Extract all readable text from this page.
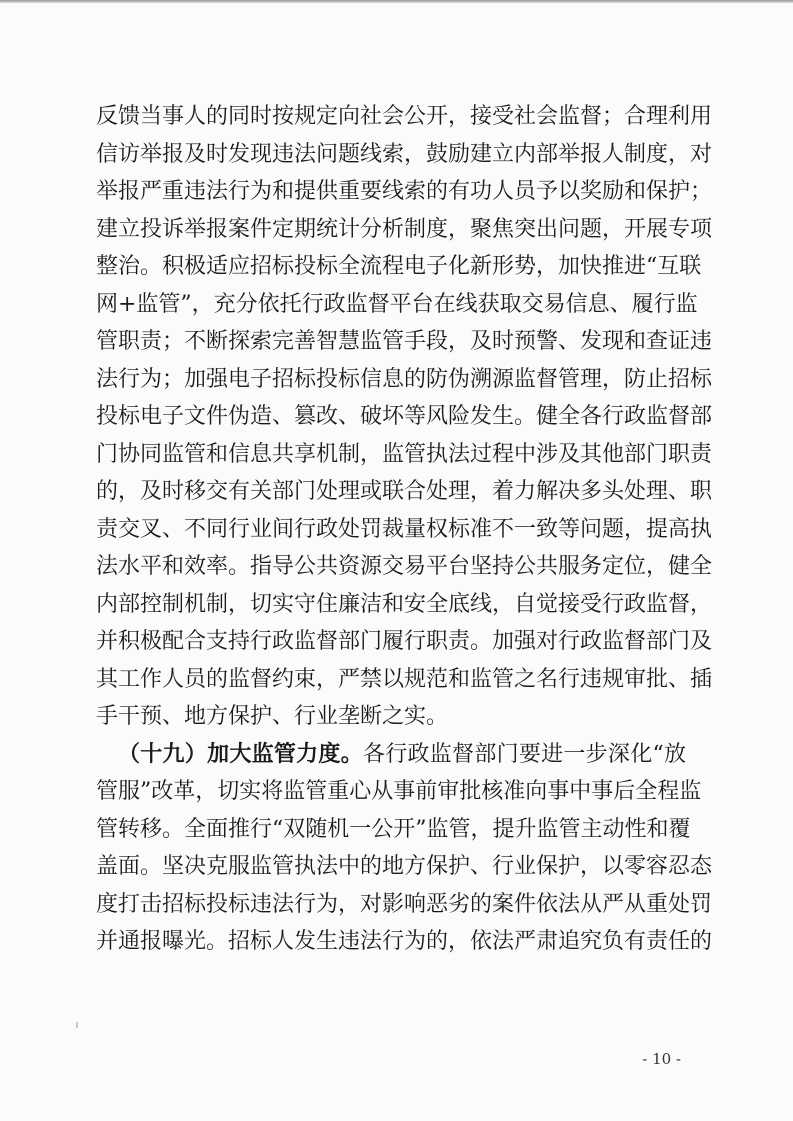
反馈当事人的同时按规定向社会公开，接受社会监督；合理利用

信访举报及时发现违法问题线索，鼓励建立内部举报人制度，对

举报严重违法行为和提供重要线索的有功人员予以奖励和保护；

建立投诉举报案件定期统计分析制度，聚焦突出问题，开展专项

整治。积极适应招标投标全流程电子化新形势，加快推进“互联

网+监管”，充分依托行政监督平台在线获取交易信息、履行监

管职责；不断探索完善智慧监管手段，及时预警、发现和查证违

法行为；加强电子招标投标信息的防伪溯源监督管理，防止招标

投标电子文件伪造、篡改、破坏等风险发生。健全各行政监督部

门协同监管和信息共享机制，监管执法过程中涉及其他部门职责

的，及时移交有关部门处理或联合处理，着力解决多头处理、职

责交叉、不同行业间行政处罚裁量权标准不一致等问题，提高执

法水平和效率。指导公共资源交易平台坚持公共服务定位，健全

内部控制机制，切实守住廉洁和安全底线，自觉接受行政监督，

并积极配合支持行政监督部门履行职责。加强对行政监督部门及

其工作人员的监督约束，严禁以规范和监管之名行违规审批、插

手干预、地方保护、行业垄断之实。

（十九）加大监管力度。各行政监督部门要进一步深化“放

管服”改革，切实将监管重心从事前审批核准向事中事后全程监

管转移。全面推行“双随机一公开”监管，提升监管主动性和覆

盖面。坚决克服监管执法中的地方保护、行业保护，以零容忍态

度打击招标投标违法行为，对影响恶劣的案件依法从严从重处罚

并通报曝光。招标人发生违法行为的，依法严肃追究负有责任的

- 10 -
